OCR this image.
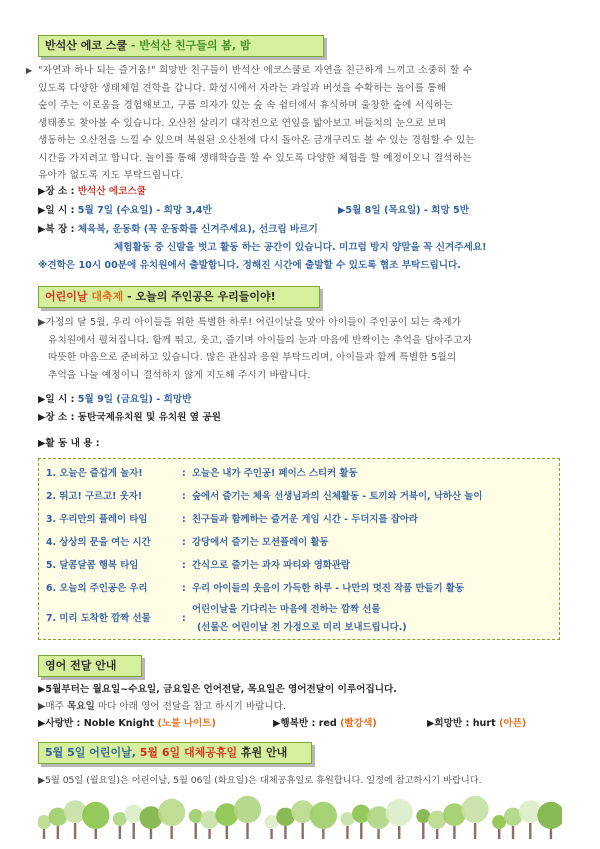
반석산 에코 스쿨 - 반석산 친구들의 봄, 밤
▶ "자연과 하나 되는 즐거움!" 희망반 친구들이 반석산 에코스쿨로 자연을 친근하게 느끼고 소중히 할 수
있도록 다양한 생태체험 견학을 갑니다. 화성시에서 자라는 과일과 버섯을 수확하는 놀이를 통해
숲이 주는 이로움을 경험해보고, 구름 의자가 있는 숲 속 쉼터에서 휴식하며 울창한 숲에 서식하는
생태종도 찾아볼 수 있습니다. 오산천 살리기 대작전으로 연잎을 밟아보고 버들치의 눈으로 보며
생동하는 오산천을 느낄 수 있으며 복원된 오산천에 다시 돌아온 금개구리도 볼 수 있는 경험할 수 있는
시간을 가지려고 합니다. 놀이를 통해 생태학습을 할 수 있도록 다양한 체험을 할 예정이오니 결석하는
유아가 없도록 지도 부탁드립니다.
▶장 소 : 반석산 에코스쿨
▶일 시 : 5월 7일 (수요일) - 희망 3,4반	▶5월 8일 (목요일) - 희망 5반
▶복 장 : 체육복, 운동화 (꼭 운동화를 신겨주세요), 선크림 바르기
체험활동 중 신발을 벗고 활동 하는 공간이 있습니다. 미끄럼 방지 양말을 꼭 신겨주세요!
※견학은 10시 00분에 유치원에서 출발합니다. 정해진 시간에 출발할 수 있도록 협조 부탁드립니다.
어린이날 대축제 - 오늘의 주인공은 우리들이야!
▶가정의 달 5월, 우리 아이들을 위한 특별한 하루! 어린이날을 맞아 아이들이 주인공이 되는 축제가
유치원에서 펼쳐집니다. 함께 뛰고, 웃고, 즐기며 아이들의 눈과 마음에 반짝이는 추억을 담아주고자
따뜻한 마음으로 준비하고 있습니다. 많은 관심과 응원 부탁드리며, 아이들과 함께 특별한 5월의
추억을 나눌 예정이니 결석하지 않게 지도해 주시기 바랍니다.
▶일 시 : 5월 9일 (금요일) - 희망반
▶장 소 : 동탄국제유치원 및 유치원 옆 공원
▶활 동 내 용 :
1. 오늘은 즐겁게 놀자!	: 오늘은 내가 주인공! 페이스 스티커 활동
2. 뛰고! 구르고! 웃자!	: 숲에서 즐기는 체육 선생님과의 신체활동 - 토끼와 거북이, 낙하산 놀이
3. 우리만의 플레이 타임	: 친구들과 함께하는 즐거운 게임 시간 - 두더지를 잡아라
4. 상상의 문을 여는 시간	: 강당에서 즐기는 모션플레이 활동
5. 달콤달콤 행복 타임	: 간식으로 즐기는 과자 파티와 영화관람
6. 오늘의 주인공은 우리	: 우리 아이들의 웃음이 가득한 하루 - 나만의 멋진 작품 만들기 활동
7. 미리 도착한 깜짝 선물	:
어린이날을 기다리는 마음에 전하는 깜짝 선물
(선물은 어린이날 전 가정으로 미리 보내드립니다.)
영어 전달 안내
▶5월부터는 월요일~수요일, 금요일은 언어전달, 목요일은 영어전달이 이루어집니다.
▶매주 목요일 마다 아래 영어 전달을 참고 하시기 바랍니다.
▶사랑반 : Noble Knight (노블 나이트)	▶행복반 : red (빨강색)	▶희망반 : hurt (아픈)
5월 5일 어린이날, 5월 6일 대체공휴일 휴원 안내
▶5월 05일 (월요일)은 어린이날, 5월 06일 (화요일)은 대체공휴일로 휴원합니다. 일정에 참고하시기 바랍니다.
